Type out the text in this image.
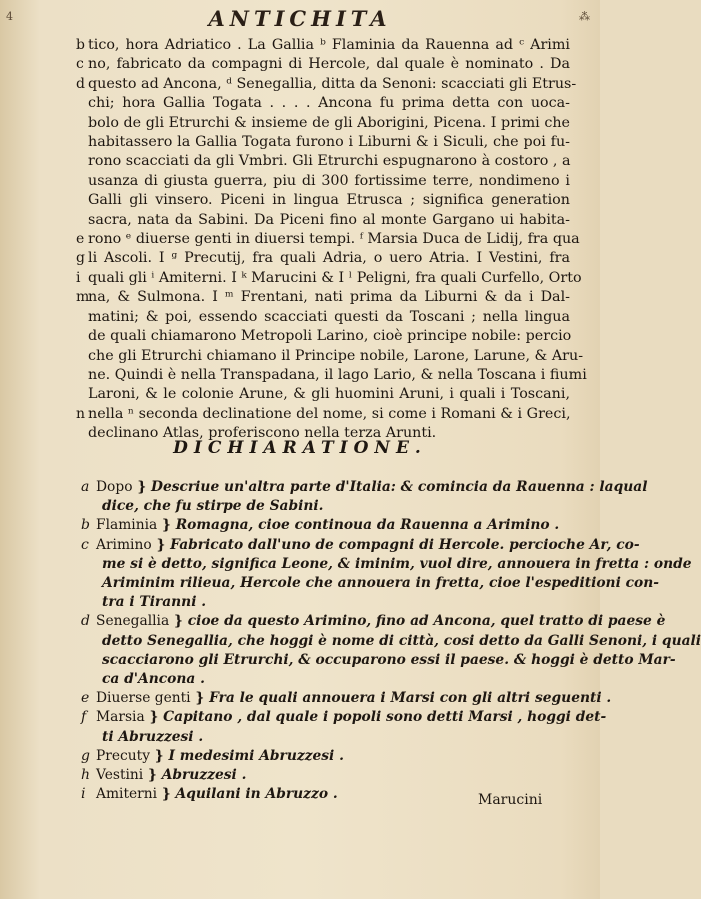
4	⁂
ANTICHITA
b tico, hora Adriatico . La Gallia ᵇ Flaminia da Rauenna ad ᶜ Arimi
c no, fabricato da compagni di Hercole, dal quale è nominato . Da
d questo ad Ancona, ᵈ Senegallia, ditta da Senoni: scacciati gli Etrus-
chi; hora Gallia Togata . . . . Ancona fu prima detta con uoca-
bolo de gli Etrurchi & insieme de gli Aborigini, Picena. I primi che
habitassero la Gallia Togata furono i Liburni & i Siculi, che poi fu-
rono scacciati da gli Vmbri. Gli Etrurchi espugnarono à costoro , a
usanza di giusta guerra, piu di 300 fortissime terre, nondimeno i
Galli gli vinsero. Piceni in lingua Etrusca ; significa generation
sacra, nata da Sabini. Da Piceni fino al monte Gargano ui habita-
e rono ᵉ diuerse genti in diuersi tempi. ᶠ Marsia Duca de Lidij, fra qua
g li Ascoli. I ᵍ Precutij, fra quali Adria, o uero Atria. I Vestini, fra
i quali gli ⁱ Amiterni. I ᵏ Marucini & I ˡ Peligni, fra quali Curfello, Orto
m
na, & Sulmona. I ᵐ Frentani, nati prima da Liburni & da i Dal-
matini; & poi, essendo scacciati questi da Toscani ; nella lingua
de quali chiamarono Metropoli Larino, cioè principe nobile: percio
che gli Etrurchi chiamano il Principe nobile, Larone, Larune, & Aru-
ne. Quindi è nella Transpadana, il lago Lario, & nella Toscana i fiumi
Laroni, & le colonie Arune, & gli huomini Aruni, i quali i Toscani,
n nella ⁿ seconda declinatione del nome, si come i Romani & i Greci,
declinano Atlas, proferiscono nella terza Arunti.
DICHIARATIONE.
a Dopo } Descriue un'altra parte d'Italia: & comincia da Rauenna : laqual
dice, che fu stirpe de Sabini.
b Flaminia } Romagna, cioe continoua da Rauenna a Arimino .
c Arimino } Fabricato dall'uno de compagni di Hercole. percioche Ar, co-
me si è detto, significa Leone, & iminim, vuol dire, annouera in fretta : onde
Ariminim rilieua, Hercole che annouera in fretta, cioe l'espeditioni con-
tra i Tiranni .
d Senegallia } cioe da questo Arimino, fino ad Ancona, quel tratto di paese è
detto Senegallia, che hoggi è nome di città, cosi detto da Galli Senoni, i quali
scacciarono gli Etrurchi, & occuparono essi il paese. & hoggi è detto Mar-
ca d'Ancona .
e Diuerse genti } Fra le quali annouera i Marsi con gli altri seguenti .
f Marsia } Capitano , dal quale i popoli sono detti Marsi , hoggi det-
ti Abruzzesi .
g Precuty } I medesimi Abruzzesi .
h Vestini } Abruzzesi .
i Amiterni } Aquilani in Abruzzo .	Marucini
